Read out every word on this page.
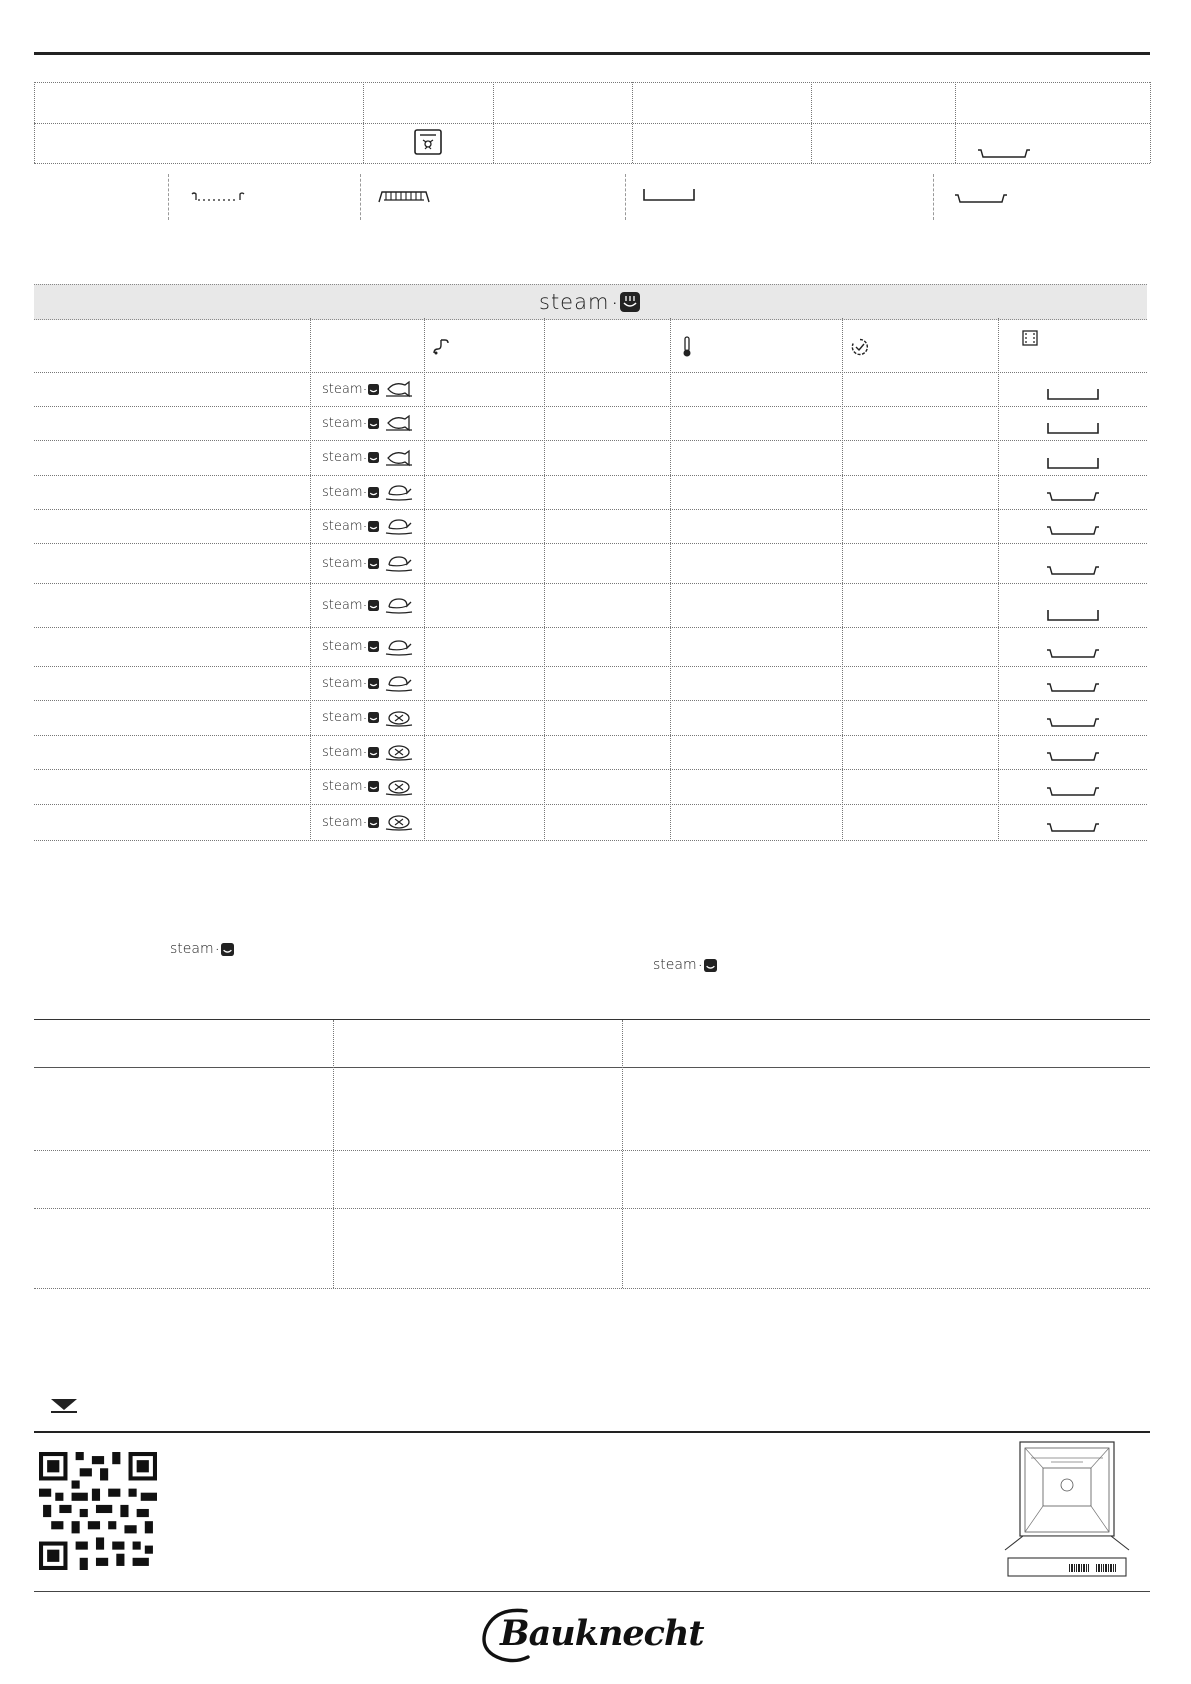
steam ·
steam ·
steam ·
steam ·
steam ·
steam ·
steam ·
steam ·
steam ·
steam ·
steam ·
steam ·
steam ·
steam ·
steam ·
steam ·
Bauknecht
